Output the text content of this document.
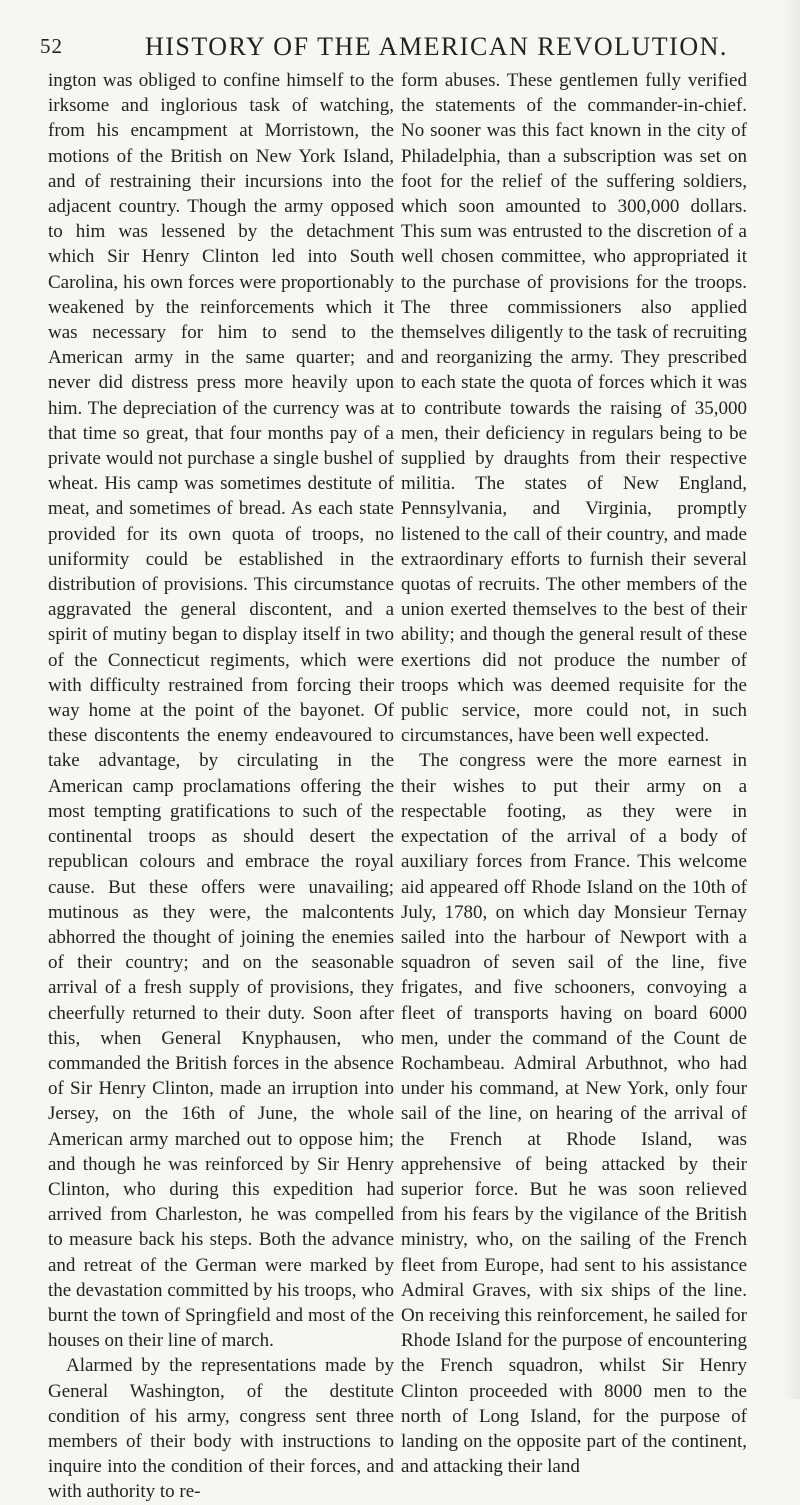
52	HISTORY OF THE AMERICAN REVOLUTION.

ington was obliged to confine himself to the irksome and inglorious task of watching, from his encampment at Morristown, the motions of the British on New York Island, and of restraining their incursions into the adjacent country. Though the army opposed to him was lessened by the detachment which Sir Henry Clinton led into South Carolina, his own forces were proportionably weakened by the reinforcements which it was necessary for him to send to the American army in the same quarter; and never did distress press more heavily upon him. The depreciation of the currency was at that time so great, that four months pay of a private would not purchase a single bushel of wheat. His camp was sometimes destitute of meat, and sometimes of bread. As each state provided for its own quota of troops, no uniformity could be established in the distribution of provisions. This circumstance aggravated the general discontent, and a spirit of mutiny began to display itself in two of the Connecticut regiments, which were with difficulty restrained from forcing their way home at the point of the bayonet. Of these discontents the enemy endeavoured to take advantage, by circulating in the American camp proclamations offering the most tempting gratifications to such of the continental troops as should desert the republican colours and embrace the royal cause. But these offers were unavailing; mutinous as they were, the malcontents abhorred the thought of joining the enemies of their country; and on the seasonable arrival of a fresh supply of provisions, they cheerfully returned to their duty. Soon after this, when General Knyphausen, who commanded the British forces in the absence of Sir Henry Clinton, made an irruption into Jersey, on the 16th of June, the whole American army marched out to oppose him; and though he was reinforced by Sir Henry Clinton, who during this expedition had arrived from Charleston, he was compelled to measure back his steps. Both the advance and retreat of the German were marked by the devastation committed by his troops, who burnt the town of Springfield and most of the houses on their line of march.

Alarmed by the representations made by General Washington, of the destitute condition of his army, congress sent three members of their body with instructions to inquire into the condition of their forces, and with authority to re-

form abuses. These gentlemen fully verified the statements of the commander-in-chief. No sooner was this fact known in the city of Philadelphia, than a subscription was set on foot for the relief of the suffering soldiers, which soon amounted to 300,000 dollars. This sum was entrusted to the discretion of a well chosen committee, who appropriated it to the purchase of provisions for the troops. The three commissioners also applied themselves diligently to the task of recruiting and reorganizing the army. They prescribed to each state the quota of forces which it was to contribute towards the raising of 35,000 men, their deficiency in regulars being to be supplied by draughts from their respective militia. The states of New England, Pennsylvania, and Virginia, promptly listened to the call of their country, and made extraordinary efforts to furnish their several quotas of recruits. The other members of the union exerted themselves to the best of their ability; and though the general result of these exertions did not produce the number of troops which was deemed requisite for the public service, more could not, in such circumstances, have been well expected.

The congress were the more earnest in their wishes to put their army on a respectable footing, as they were in expectation of the arrival of a body of auxiliary forces from France. This welcome aid appeared off Rhode Island on the 10th of July, 1780, on which day Monsieur Ternay sailed into the harbour of Newport with a squadron of seven sail of the line, five frigates, and five schooners, convoying a fleet of transports having on board 6000 men, under the command of the Count de Rochambeau. Admiral Arbuthnot, who had under his command, at New York, only four sail of the line, on hearing of the arrival of the French at Rhode Island, was apprehensive of being attacked by their superior force. But he was soon relieved from his fears by the vigilance of the British ministry, who, on the sailing of the French fleet from Europe, had sent to his assistance Admiral Graves, with six ships of the line. On receiving this reinforcement, he sailed for Rhode Island for the purpose of encountering the French squadron, whilst Sir Henry Clinton proceeded with 8000 men to the north of Long Island, for the purpose of landing on the opposite part of the continent, and attacking their land
